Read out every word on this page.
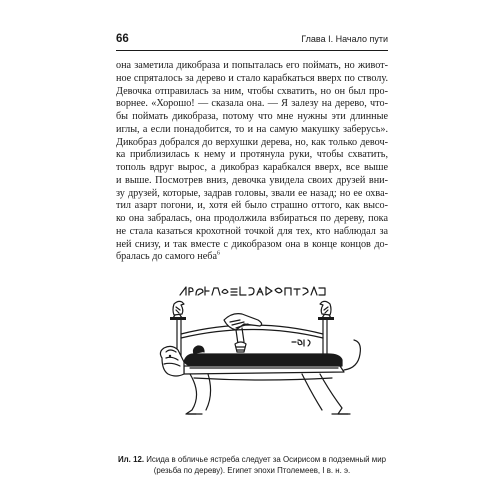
66	Глава I. Начало пути
она заметила дикобраза и попыталась его поймать, но живот-
ное спряталось за дерево и стало карабкаться вверх по стволу.
Девочка отправилась за ним, чтобы схватить, но он был про-
ворнее. «Хорошо! — сказала она. — Я залезу на дерево, что-
бы поймать дикобраза, потому что мне нужны эти длинные
иглы, а если понадобится, то и на самую макушку заберусь».
Дикобраз добрался до верхушки дерева, но, как только девоч-
ка приблизилась к нему и протянула руки, чтобы схватить,
тополь вдруг вырос, а дикобраз карабкался вверх, все выше
и выше. Посмотрев вниз, девочка увидела своих друзей вни-
зу друзей, которые, задрав головы, звали ее назад; но ее охва-
тил азарт погони, и, хотя ей было страшно оттого, как высо-
ко она забралась, она продолжила взбираться по дереву, пока
не стала казаться крохотной точкой для тех, кто наблюдал за
ней снизу, и так вместе с дикобразом она в конце концов до-
бралась до самого неба$^6$
Ил. 12. Исида в обличье ястреба следует за Осирисом в подземный мир
(резьба по дереву). Египет эпохи Птолемеев, I в. н. э.
